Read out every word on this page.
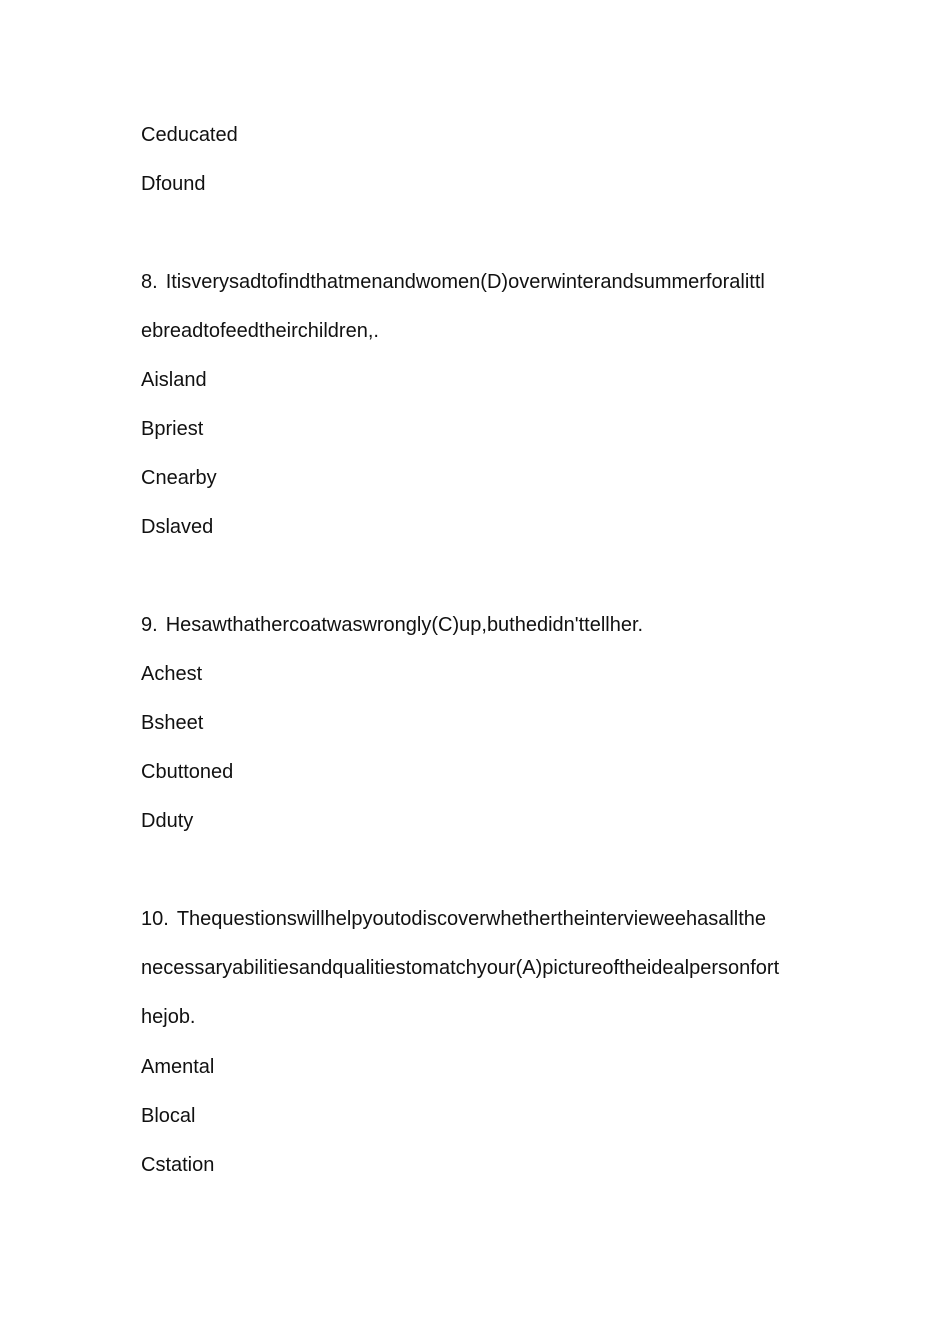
Ceducated
Dfound
8. Itisverysadtofindthatmenandwomen(D)overwinterandsummerforalittl
ebreadtofeedtheirchildren,.
Aisland
Bpriest
Cnearby
Dslaved
9. Hesawthathercoatwaswrongly(C)up,buthedidn'ttellher.
Achest
Bsheet
Cbuttoned
Dduty
10. Thequestionswillhelpyoutodiscoverwhetherthe​intervieweehasallthe
necessaryabilitiesandqualitiestomatchyour(A)pictureoftheidealpersonfort
hejob.
Amental
Blocal
Cstation
